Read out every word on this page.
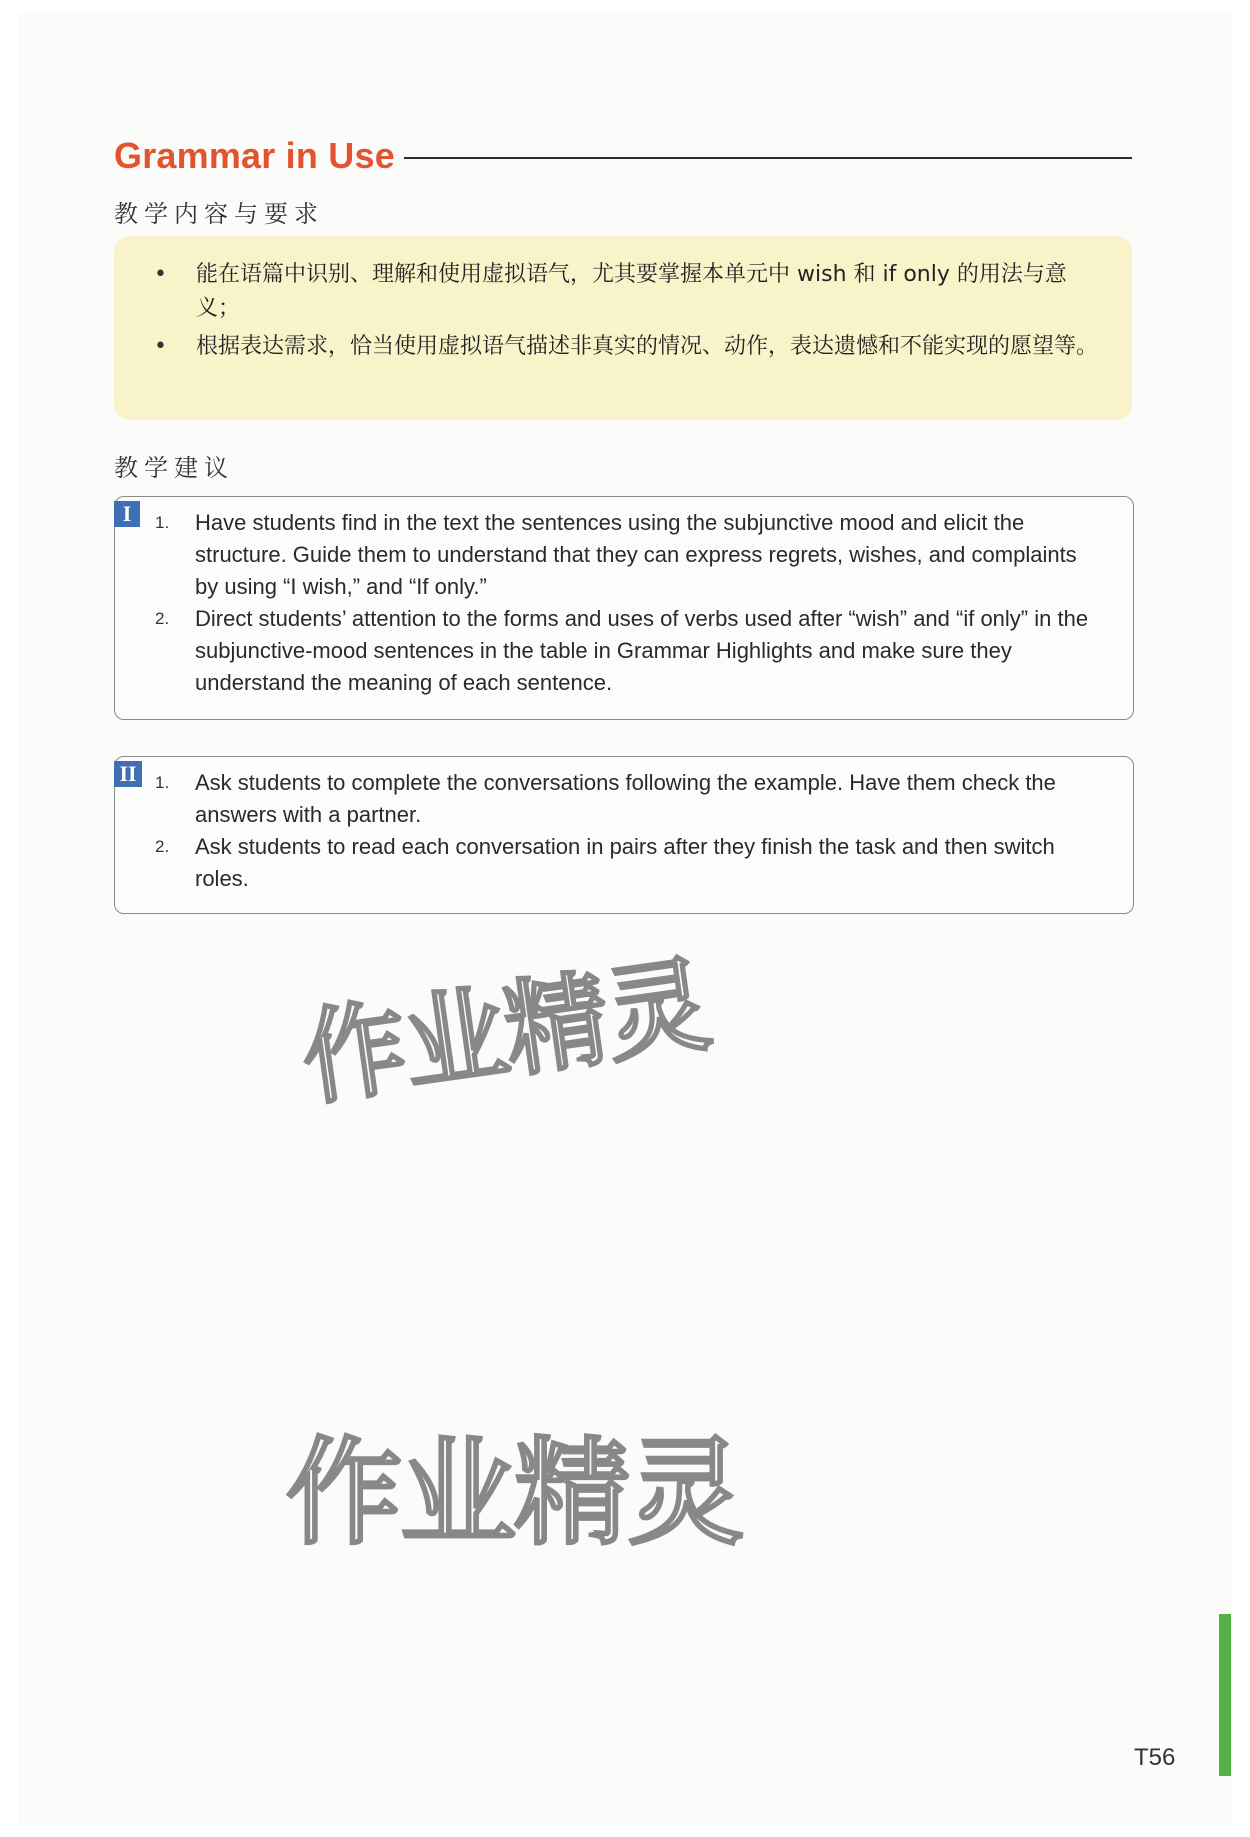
Grammar in Use
教学内容与要求
• 能在语篇中识别、理解和使用虚拟语气，尤其要掌握本单元中 wish 和 if only 的用法与意义；
• 根据表达需求，恰当使用虚拟语气描述非真实的情况、动作，表达遗憾和不能实现的愿望等。
教学建议
I	1. Have students find in the text the sentences using the subjunctive mood and elicit the structure. Guide them to understand that they can express regrets, wishes, and complaints by using “I wish,” and “If only.”
2. Direct students’ attention to the forms and uses of verbs used after “wish” and “if only” in the subjunctive-mood sentences in the table in Grammar Highlights and make sure they understand the meaning of each sentence.
II	1. Ask students to complete the conversations following the example. Have them check the answers with a partner.
2. Ask students to read each conversation in pairs after they finish the task and then switch roles.
作业精灵
作业精灵
T56
